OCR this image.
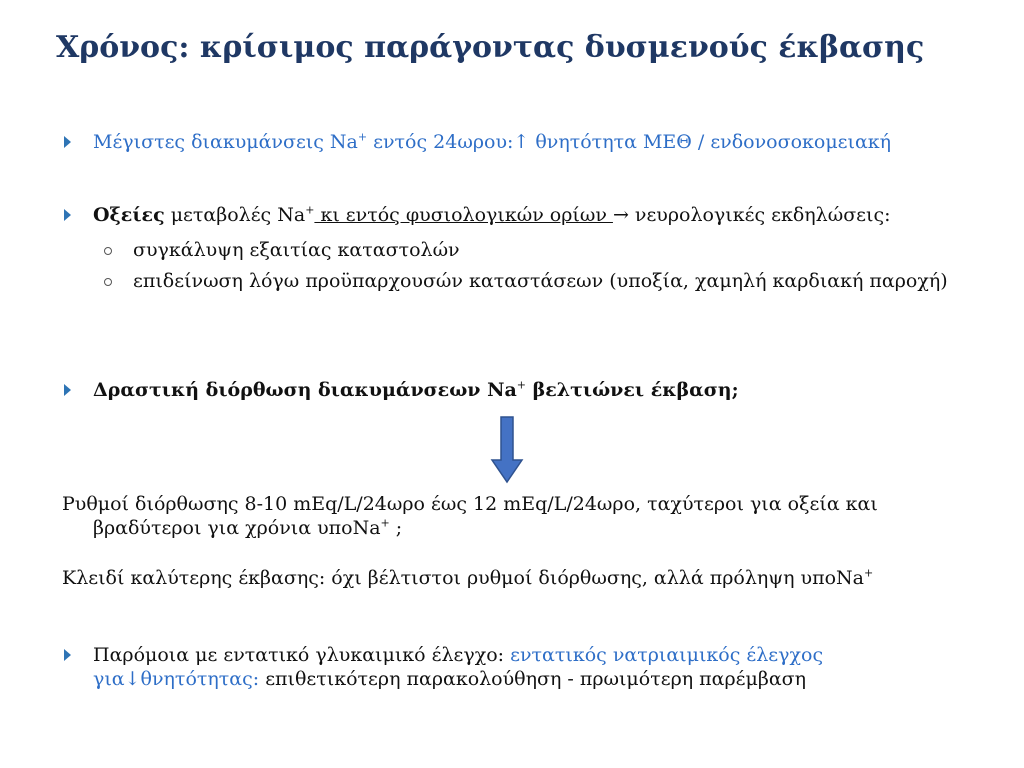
Χρόνος: κρίσιμος παράγοντας δυσμενούς έκβασης
Μέγιστες διακυμάνσεις Na+ εντός 24ωρου:↑ θνητότητα ΜΕΘ / ενδονοσοκομειακή
Οξείες μεταβολές Na+ κι εντός φυσιολογικών ορίων → νευρολογικές εκδηλώσεις:
συγκάλυψη εξαιτίας καταστολών
επιδείνωση λόγω προϋπαρχουσών καταστάσεων (υποξία, χαμηλή καρδιακή παροχή)
Δραστική διόρθωση διακυμάνσεων Na+ βελτιώνει έκβαση;
Ρυθμοί διόρθωσης 8-10 mEq/L/24ωρο έως 12 mEq/L/24ωρο, ταχύτεροι για οξεία και βραδύτεροι για χρόνια υποNa+ ;
Κλειδί καλύτερης έκβασης: όχι βέλτιστοι ρυθμοί διόρθωσης, αλλά πρόληψη υποNa+
Παρόμοια με εντατικό γλυκαιμικό έλεγχο: εντατικός νατριαιμικός έλεγχος για↓θνητότητας: επιθετικότερη παρακολούθηση - πρωιμότερη παρέμβαση
